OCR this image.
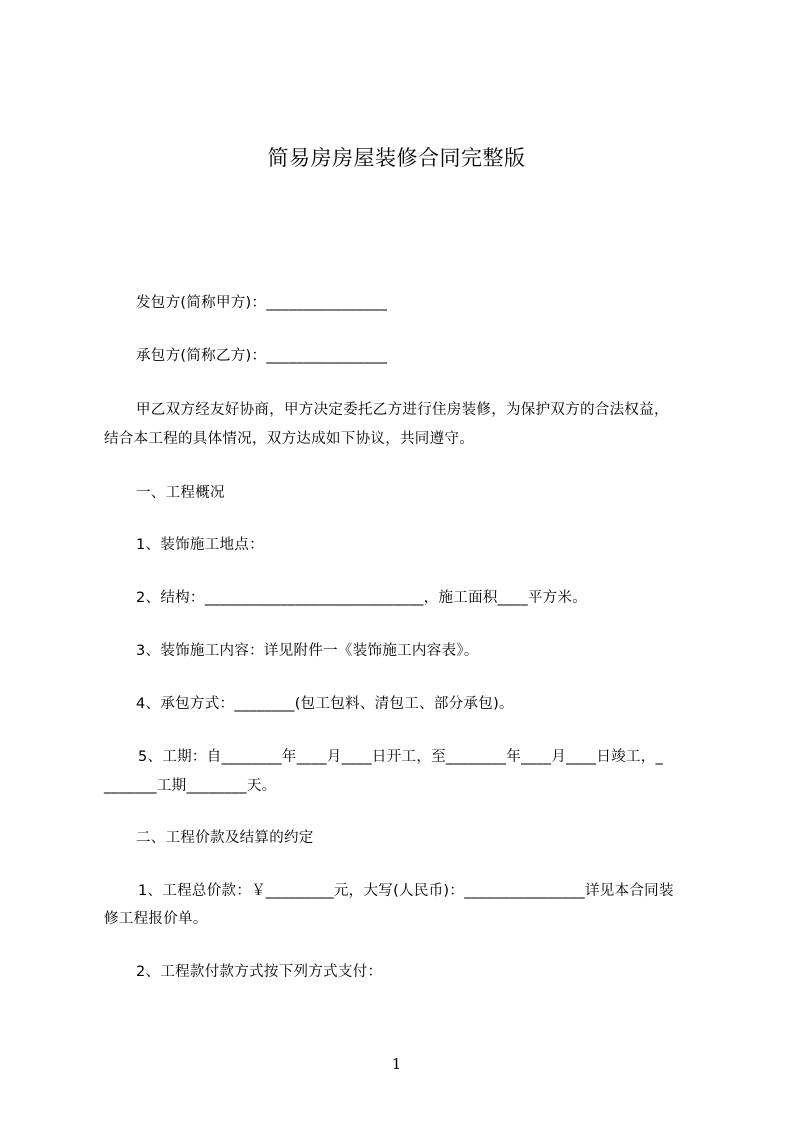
简易房房屋装修合同完整版
发包方(简称甲方)：________________
承包方(简称乙方)：________________
甲乙双方经友好协商，甲方决定委托乙方进行住房装修，为保护双方的合法权益，
结合本工程的具体情况，双方达成如下协议，共同遵守。
一、工程概况
1、装饰施工地点：
2、结构：_____________________________，施工面积____平方米。
3、装饰施工内容：详见附件一《装饰施工内容表》。
4、承包方式：________(包工包料、清包工、部分承包)。
5、工期：自________年____月____日开工，至________年____月____日竣工，_
_______工期________天。
二、工程价款及结算的约定
1、工程总价款：￥_________元，大写(人民币)：________________详见本合同装
修工程报价单。
2、工程款付款方式按下列方式支付：
1
